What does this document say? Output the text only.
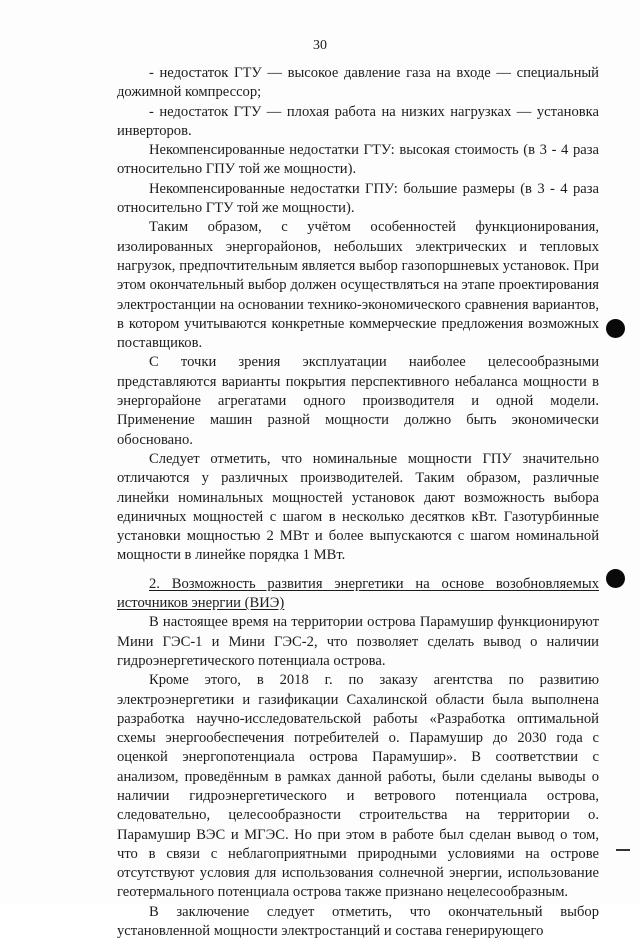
30

- недостаток ГТУ — высокое давление газа на входе — специальный дожимной компрессор;

- недостаток ГТУ — плохая работа на низких нагрузках — установка инверторов.

Некомпенсированные недостатки ГТУ: высокая стоимость (в 3 - 4 раза относительно ГПУ той же мощности).

Некомпенсированные недостатки ГПУ: большие размеры (в 3 - 4 раза относительно ГТУ той же мощности).

Таким образом, с учётом особенностей функционирования, изолированных энергорайонов, небольших электрических и тепловых нагрузок, предпочтительным является выбор газопоршневых установок. При этом окончательный выбор должен осуществляться на этапе проектирования электростанции на основании технико-экономического сравнения вариантов, в котором учитываются конкретные коммерческие предложения возможных поставщиков.

С точки зрения эксплуатации наиболее целесообразными представляются варианты покрытия перспективного небаланса мощности в энергорайоне агрегатами одного производителя и одной модели. Применение машин разной мощности должно быть экономически обосновано.

Следует отметить, что номинальные мощности ГПУ значительно отличаются у различных производителей. Таким образом, различные линейки номинальных мощностей установок дают возможность выбора единичных мощностей с шагом в несколько десятков кВт. Газотурбинные установки мощностью 2 МВт и более выпускаются с шагом номинальной мощности в линейке порядка 1 МВт.

2. Возможность развития энергетики на основе возобновляемых источников энергии (ВИЭ)

В настоящее время на территории острова Парамушир функционируют Мини ГЭС-1 и Мини ГЭС-2, что позволяет сделать вывод о наличии гидроэнергетического потенциала острова.

Кроме этого, в 2018 г. по заказу агентства по развитию электроэнергетики и газификации Сахалинской области была выполнена разработка научно-исследовательской работы «Разработка оптимальной схемы энергообеспечения потребителей о. Парамушир до 2030 года с оценкой энергопотенциала острова Парамушир». В соответствии с анализом, проведённым в рамках данной работы, были сделаны выводы о наличии гидроэнергетического и ветрового потенциала острова, следовательно, целесообразности строительства на территории о. Парамушир ВЭС и МГЭС. Но при этом в работе был сделан вывод о том, что в связи с неблагоприятными природными условиями на острове отсутствуют условия для использования солнечной энергии, использование геотермального потенциала острова также признано нецелесообразным.

В заключение следует отметить, что окончательный выбор установленной мощности электростанций и состава генерирующего
